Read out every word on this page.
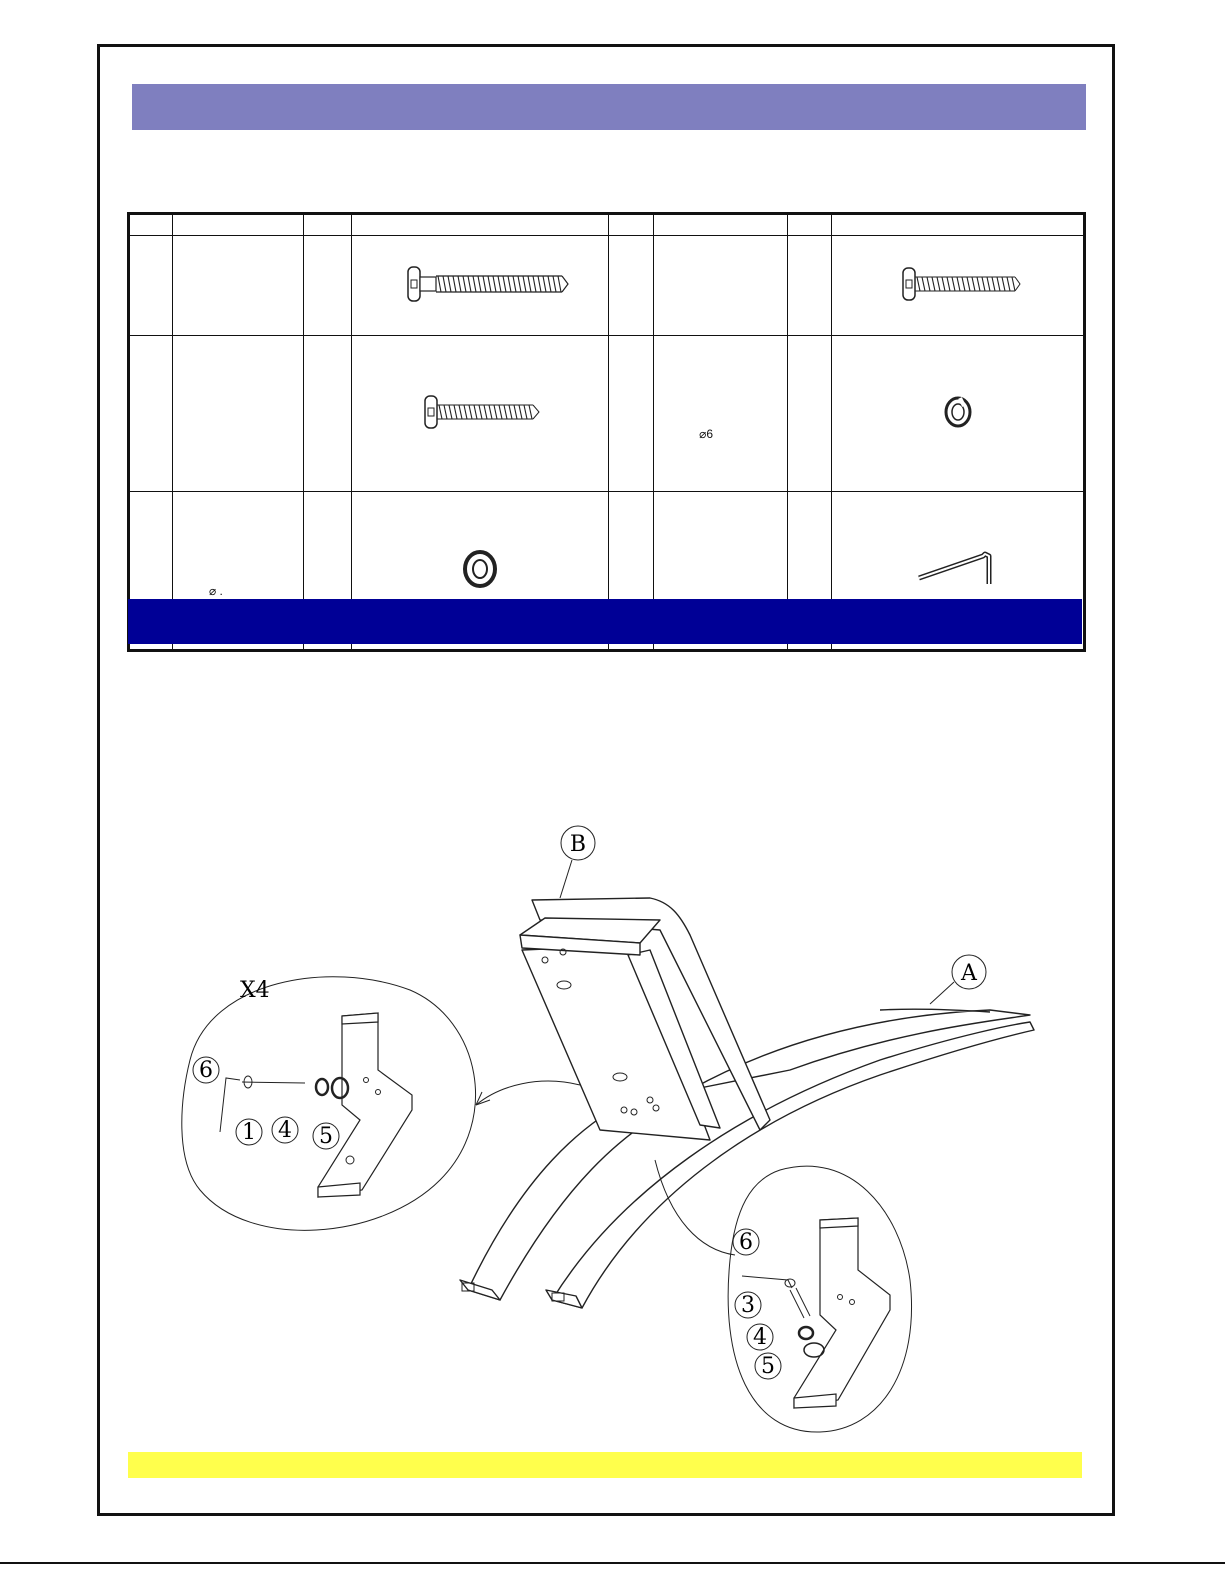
⌀6

	⌀ .

B
A
X4
6
1 4 5
6
3
4
5
